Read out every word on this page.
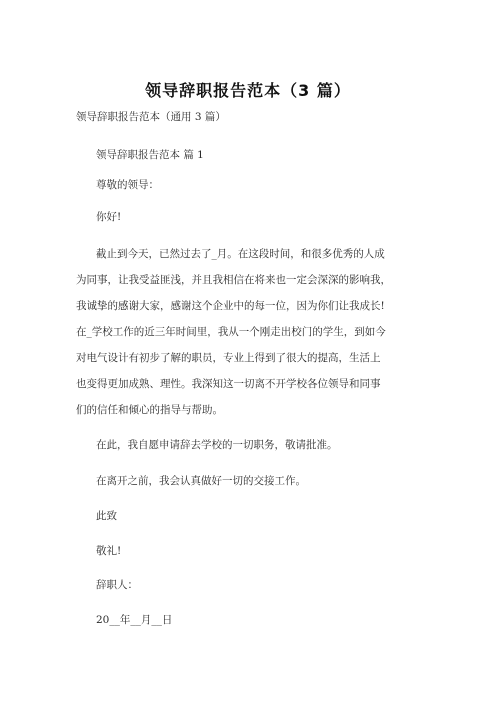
领导辞职报告范本（3 篇）
领导辞职报告范本（通用 3 篇）
领导辞职报告范本 篇 1
尊敬的领导：
你好!
截止到今天，已然过去了_月。在这段时间，和很多优秀的人成
为同事，让我受益匪浅，并且我相信在将来也一定会深深的影响我，
我诚挚的感谢大家，感谢这个企业中的每一位，因为你们让我成长!
在_学校工作的近三年时间里，我从一个刚走出校门的学生，到如今
对电气设计有初步了解的职员，专业上得到了很大的提高，生活上
也变得更加成熟、理性。我深知这一切离不开学校各位领导和同事
们的信任和倾心的指导与帮助。
在此，我自愿申请辞去学校的一切职务，敬请批准。
在离开之前，我会认真做好一切的交接工作。
此致
敬礼!
辞职人：
20__年__月__日
